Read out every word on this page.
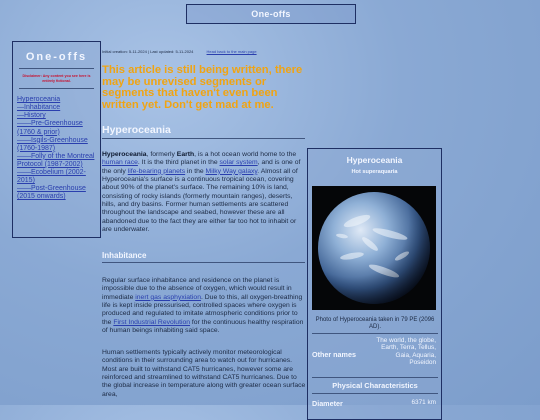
One-offs
One-offs
Disclaimer: Any content you see here is entirely fictional.
Hyperoceania
—Inhabitance
—History
——Pre-Greenhouse (1760 & prior)
——Isgils-Greenhouse (1760-1987)
——Folly of the Montreal Protocol (1987-2002)
——Ecobelium (2002-2015)
——Post-Greenhouse (2015 onwards)
Initial creation: 5-11-2024 | Last updated: 5-11-2024	Head back to the main page
This article is still being written, there may be unrevised segments or segments that haven't even been written yet. Don't get mad at me.
Hyperoceania
Hyperoceania, formerly Earth, is a hot ocean world home to the human race. It is the third planet in the solar system, and is one of the only life-bearing planets in the Milky Way galaxy. Almost all of Hyperoceania's surface is a continuous tropical ocean, covering about 90% of the planet's surface. The remaining 10% is land, consisting of rocky islands (formerly mountain ranges), deserts, hills, and dry basins. Former human settlements are scattered throughout the landscape and seabed, however these are all abandoned due to the fact they are either far too hot to inhabit or are underwater.
Inhabitance
Regular surface inhabitance and residence on the planet is impossible due to the absence of oxygen, which would result in immediate inert gas asphyxiation. Due to this, all oxygen-breathing life is kept inside pressurised, controlled spaces where oxygen is produced and regulated to imitate atmospheric conditions prior to the First Industrial Revolution for the continuous healthy respiration of human beings inhabiting said space.
Human settlements typically actively monitor meteorological conditions in their surrounding area to watch out for hurricanes. Most are built to withstand CAT5 hurricanes, however some are reinforced and streamlined to withstand CAT5 hurricanes. Due to the global increase in temperature along with greater ocean surface area,
Hyperoceania
Hot superaquaria
Photo of Hyperoceania taken in 79 PE (2096 AD).
Other names
The world, the globe, Earth, Terra, Tellus, Gaia, Aquaria, Poseidon
Physical Characteristics
Diameter	6371 km
